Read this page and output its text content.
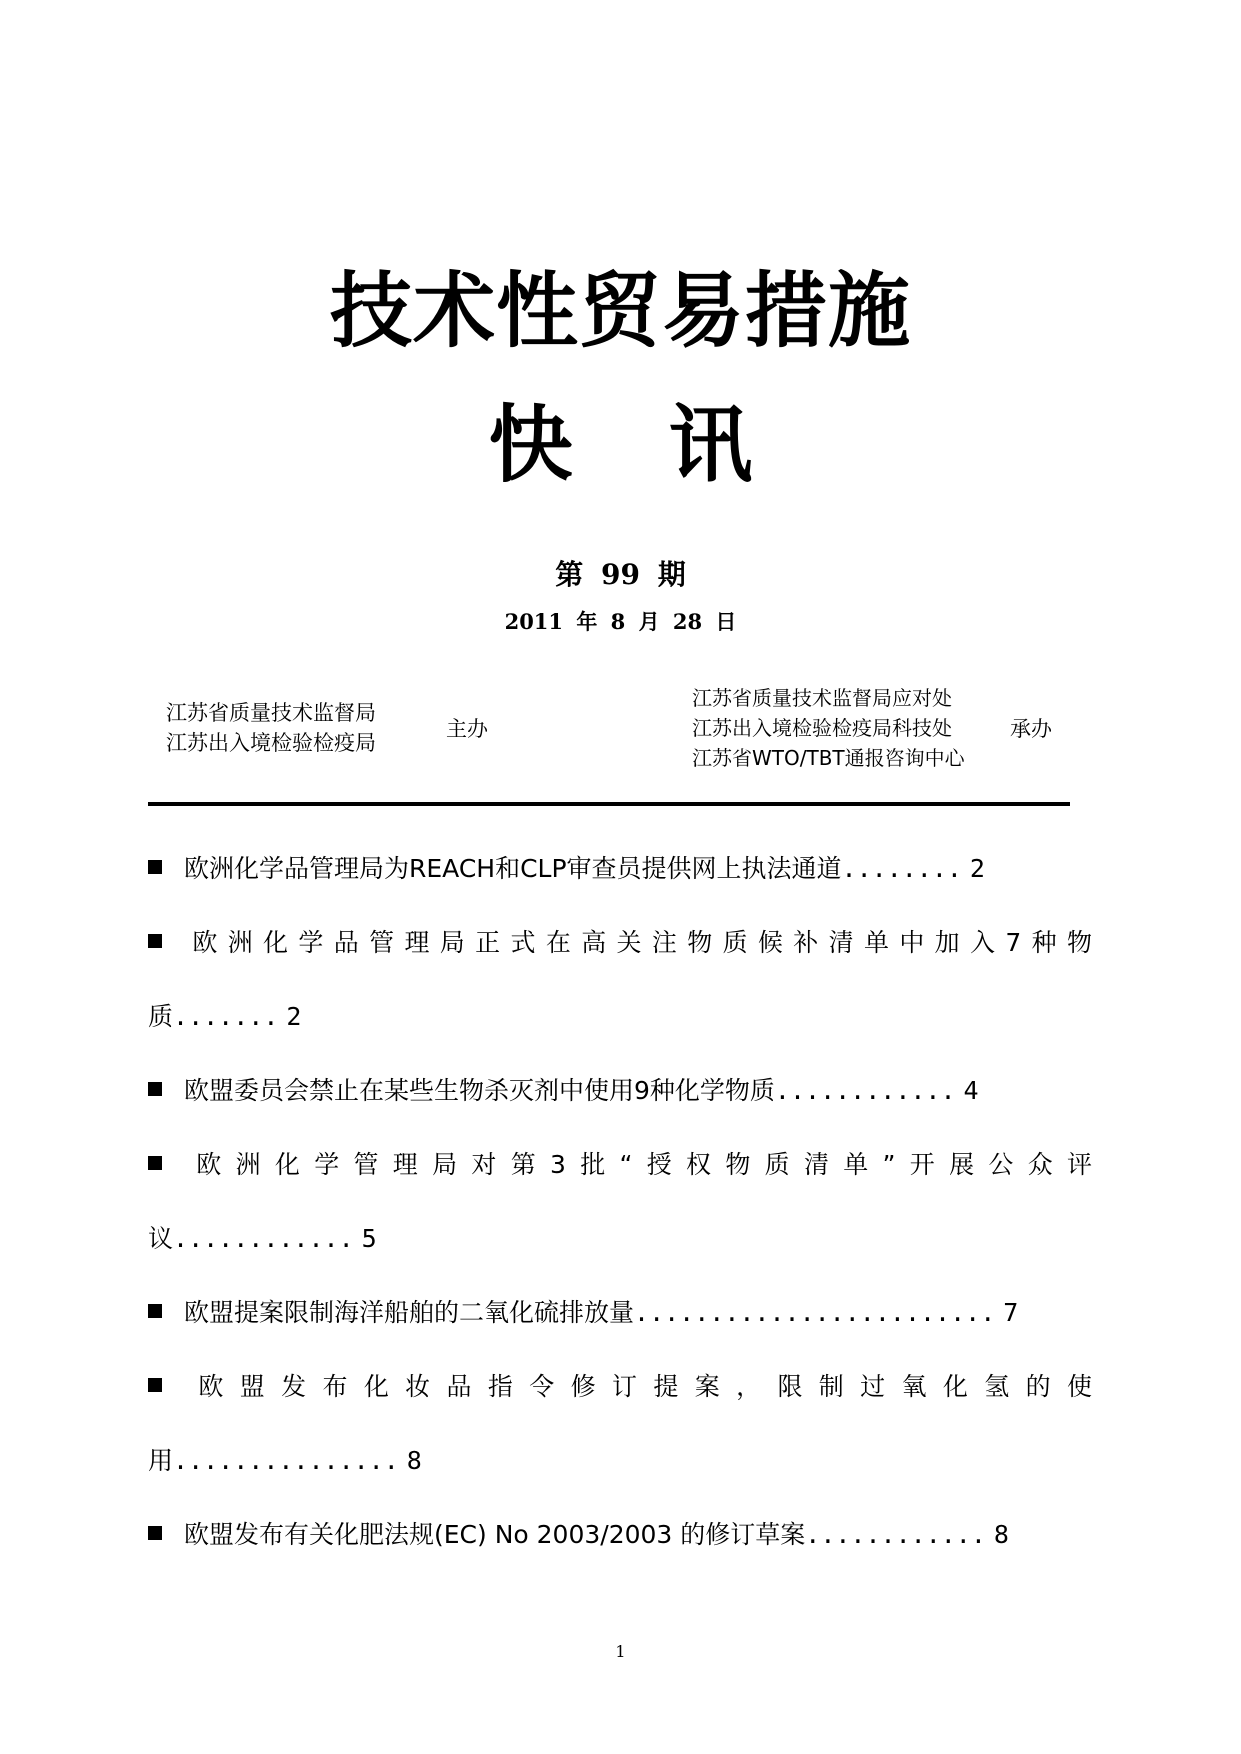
技术性贸易措施
快 讯
第 99 期
2011 年 8 月 28 日
江苏省质量技术监督局
江苏出入境检验检疫局
主办
江苏省质量技术监督局应对处
江苏出入境检验检疫局科技处
江苏省WTO/TBT通报咨询中心
承办
欧洲化学品管理局为REACH和CLP审查员提供网上执法通道........ 2
欧洲化学品管理局正式在高关注物质候补清单中加入7种物
质....... 2
欧盟委员会禁止在某些生物杀灭剂中使用9种化学物质............ 4
欧洲化学管理局对第3批“授权物质清单”开展公众评
议............ 5
欧盟提案限制海洋船舶的二氧化硫排放量........................ 7
欧盟发布化妆品指令修订提案，限制过氧化氢的使
用............... 8
欧盟发布有关化肥法规(EC) No 2003/2003 的修订草案............ 8
1
